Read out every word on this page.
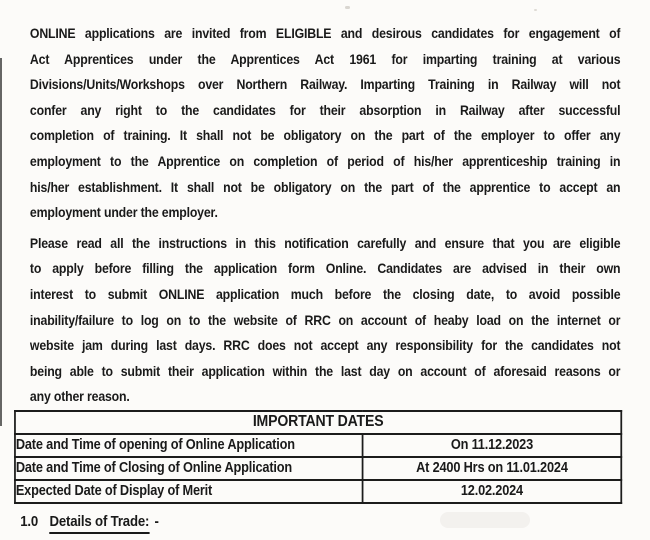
ONLINE applications are invited from ELIGIBLE and desirous candidates for engagement of
Act Apprentices under the Apprentices Act 1961 for imparting training at various
Divisions/Units/Workshops over Northern Railway. Imparting Training in Railway will not
confer any right to the candidates for their absorption in Railway after successful
completion of training. It shall not be obligatory on the part of the employer to offer any
employment to the Apprentice on completion of period of his/her apprenticeship training in
his/her establishment. It shall not be obligatory on the part of the apprentice to accept an
employment under the employer.
Please read all the instructions in this notification carefully and ensure that you are eligible
to apply before filling the application form Online. Candidates are advised in their own
interest to submit ONLINE application much before the closing date, to avoid possible
inability/failure to log on to the website of RRC on account of heaby load on the internet or
website jam during last days. RRC does not accept any responsibility for the candidates not
being able to submit their application within the last day on account of aforesaid reasons or
any other reason.
IMPORTANT DATES	
Date and Time of opening of Online Application	On 11.12.2023
Date and Time of Closing of Online Application	At 2400 Hrs on 11.01.2024
Expected Date of Display of Merit	12.02.2024
1.0 Details of Trade: -
